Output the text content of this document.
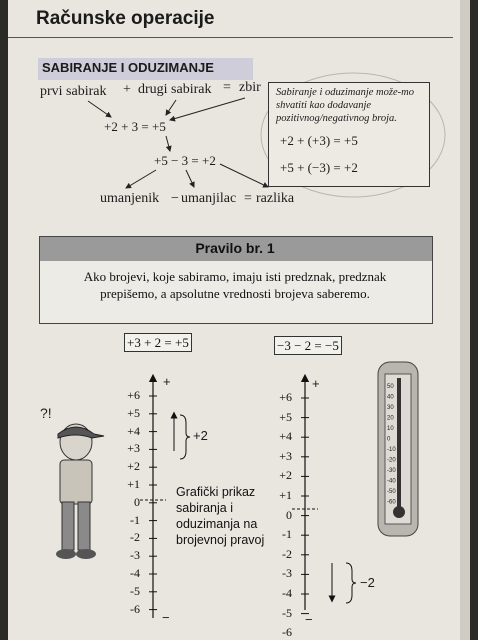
Računske operacije
SABIRANJE I ODUZIMANJE
prvi sabirak + drugi sabirak = zbir
+2 + 3 = +5
+5 − 3 = +2
umanjenik − umanjilac = razlika
Sabiranje i oduzimanje može-mo shvatiti kao dodavanje pozitivnog/negativnog broja.
+2 + (+3) = +5
+5 + (−3) = +2
Pravilo br. 1
Ako brojevi, koje sabiramo, imaju isti predznak, predznak prepišemo, a apsolutne vrednosti brojeva saberemo.
+3 + 2 = +5	−3 − 2 = −5
+6
+5
+4
+3
+2
+1
0
-1
-2
-3
-4
-5
-6
+6
+5
+4
+3
+2
+1
0
-1
-2
-3
-4
-5
-6
+	+
−	−
+2
−2
Grafički prikaz sabiranja i oduzimanja na brojevnoj pravoj
?!
50
40
30
20
10
0
-10
-20
-30
-40
-50
-60
